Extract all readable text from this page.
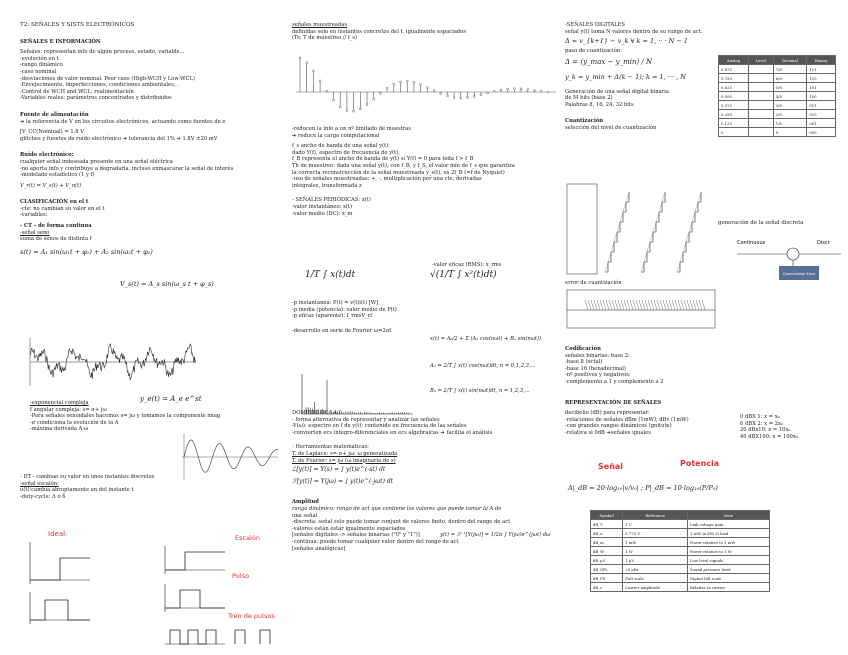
T2: SEÑALES Y SISTS ELECTRÓNICOS

SEÑALES E INFORMACIÓN

Señales: representan info de algún proceso, estado, variable...

-evolución en t

-rango dinámico

-caso nominal

-desviaciones de valor nominal. Peor caso (High-WCH y Low-WCL)

-Envejecimiento, imperfecciones, condiciones ambientales, .

-Control de WCH and WCL: realimentación

-Variables reales: parámetros concentrados y distribuidos

Fuente de alimentación

➔ la referencia de V en los circuitos electrónicos, actuando como fuentes de e

[V_CC(Nominal) = 1.8 V

glitches y fuentes de ruido electrónico ➔ tolerancia del 1% ➔ 1.8V ±20 mV

Ruido electrónico:

cualquier señal indeseada presente en una señal eléctrica

-no aporta info y contribuye a degradarla, incluso enmascarar la señal de interés

-modelado estadístico (1 y f)

V_r(t) = V_s(t) + V_n(t)

CLASIFICACIÓN en el t

-cte: no cambian su valor en el t

-variables:

- CT – de forma continua

-señal seno

suma de senos de distinta f

V_s(t) = A_s sin(ω_s t + φ_s)

s(t) = A₁ sin(ω₁t + φ₁) + A₂ sin(ω₂t + φ₂)

-exponencial compleja	y_e(t) = A_e e^st

f angular compleja: s= σ+ jω

-Para señales senoidales hacemos s= jω y tomamos la componente imag

-σ condiciona la evolución de la A

-máxima derivada A·ω

- DT - cambian su valor en unos instantes discretos

-señal escalón:

u(t):cambia abruptamente en del instante t

-duty-cycle: Δ o δ

Ideal	Escalón
Pulso
Tren de pulsos

señales muestreadas

definidas solo en instantes concretos del t, igualmente espaciados

(Ts: T de muestreo // f_s)

-reducen la info a un nº limitado de muestras

➔ reduce la carga computacional

f_s ancho de banda de una señal y(t):

dado Y(f), espectro de frecuencia de y(t),

f_B representa el ancho de banda de y(t) si Y(f) = 0 para toda f > f_B

Th de muestreo: dada una señal y(t), con f_B, y f_S, el valor mín de f_s que garantiza

la correcta reconstrucción de la señal muestreada y_s(t), es 2f_B (=f de Nyquist)

-uso de señales muestreadas: +, -, multiplicación por una cte, derivadas

integrales, transformada z

- SEÑALES PERIÓDICAS: x(t)

-valor instantáneo: x(t)

-valor medio (DC): x_m

-valor eficaz (RMS): x_rms

1/T ∫ x(t)dt	√(1/T ∫ x²(t)dt)

-p instantánea: P(t) = v(t)i(t) [W]

-p media (potencia): valor medio de P(t)

-p eficaz (aparente): I_rmsV_rf

-desarrollo en serie de Fourier ω=2πf

x(t) = A₀/2 + Σ (Aₙ cos(nωt) + Bₙ sin(nωt))

Aₙ = 2/T ∫ x(t) cos(nωt)dt, n = 0,1,2,3,...

Bₙ = 2/T ∫ x(t) sin(nωt)dt, n = 1,2,3,...

DOMINIO DE LA f

- forma alternativa de representar y analizar las señales

-Y(ω): espectro en f de y(t): contenido en frecuencia de las señales

-convierten ecs integro-diferenciales en ecs algebraicas ➔ facilita el análisis

- Herramientas matemáticas:

T. de Laplace: s= σ+ jω: ω generalizada

T. de Fourier: s= jω (ω imaginaria de s)

ℒ[y(t)] = Y(s) = ∫ y(t)e^(-st) dt

ℱ[y(t)] = Y(jω) = ∫ y(t)e^(-jωt) dt

Amplitud

rango dinámico: rango de act que contiene los valores que puede tomar la A de

una señal

-discreta: señal solo puede tomar conjunt de valores finito, dentro del rango de act

-valores están estar igualmente espaciados

[señales digitales -> señales binarias ("0" y "1")]

-continua: puede tomar cualquier valor dentro del rango de act

[señales analógicas]

y(t) = ℱ⁻¹[Y(jω)] = 1/2π ∫ Y(jω)e^(jωt) dω

-SEÑALES DIGITALES

señal y(t) toma N valores dentro de su rango de act.

Δ = v_{k+1} − v_k ∀ k = 1, ·· · N − 1

paso de cuantización

Δ = (y_max − y_min) / N

y_k = y_min + Δ(k − 1); k = 1, ··· , N

Generación de una señal digital binaria

de M bits (base 2)

Palabras 8, 16, 24, 32 bits

Cuantización

selección del nivel de cuantización

Analog	Level	Decimal	Binary
0.875		7/8	111
0.750		6/8	110
0.625		5/8	101
0.500		4/8	100
0.375		3/8	011
0.250		2/8	010
0.125		1/8	001
0		0	000

generación de la señal discreta

Continuous	Discr
Quantization Error

error de cuantización

Codificación

señales binarias: base 2:

-base 8 (octal)

-base 16 (hexadecimal)

-nº positivos y negativos:

-complemento a 1 y complemento a 2

REPRESENTACIÓN DE SEÑALES

decibelio (dB) para representar:

-relaciones de señales dBm (1mW), dBv (1mW)

-con grandes rangos dinámicos (gnitute)

-relativa si 0dB ➔señales iguales

0 dBX 1: x = x₀

6 dBX 2: x = 2x₀

20 dBx10: x = 10x₀

40 dBX100: x = 100x₀

Señal	Potencia

A|_dB = 20·log₁₀|v/v₀| ; P|_dB = 10·log₁₀(P/P₀)

Symbol	Reference	Note
dB_V	1 V	Link voltage gain
dB_u	0.775 V	1 mW in 600 Ω load
dB_m	1 mW	Power relative to 1 mW
dB_W	1 W	Power relative to 1 W
dB_μV	1 μV	Low level signals
dB_SPL	20 μPa	Sound pressure level
dB_FS	Full scale	Digital full scale
dB_c	Carrier amplitude	Relative to carrier
